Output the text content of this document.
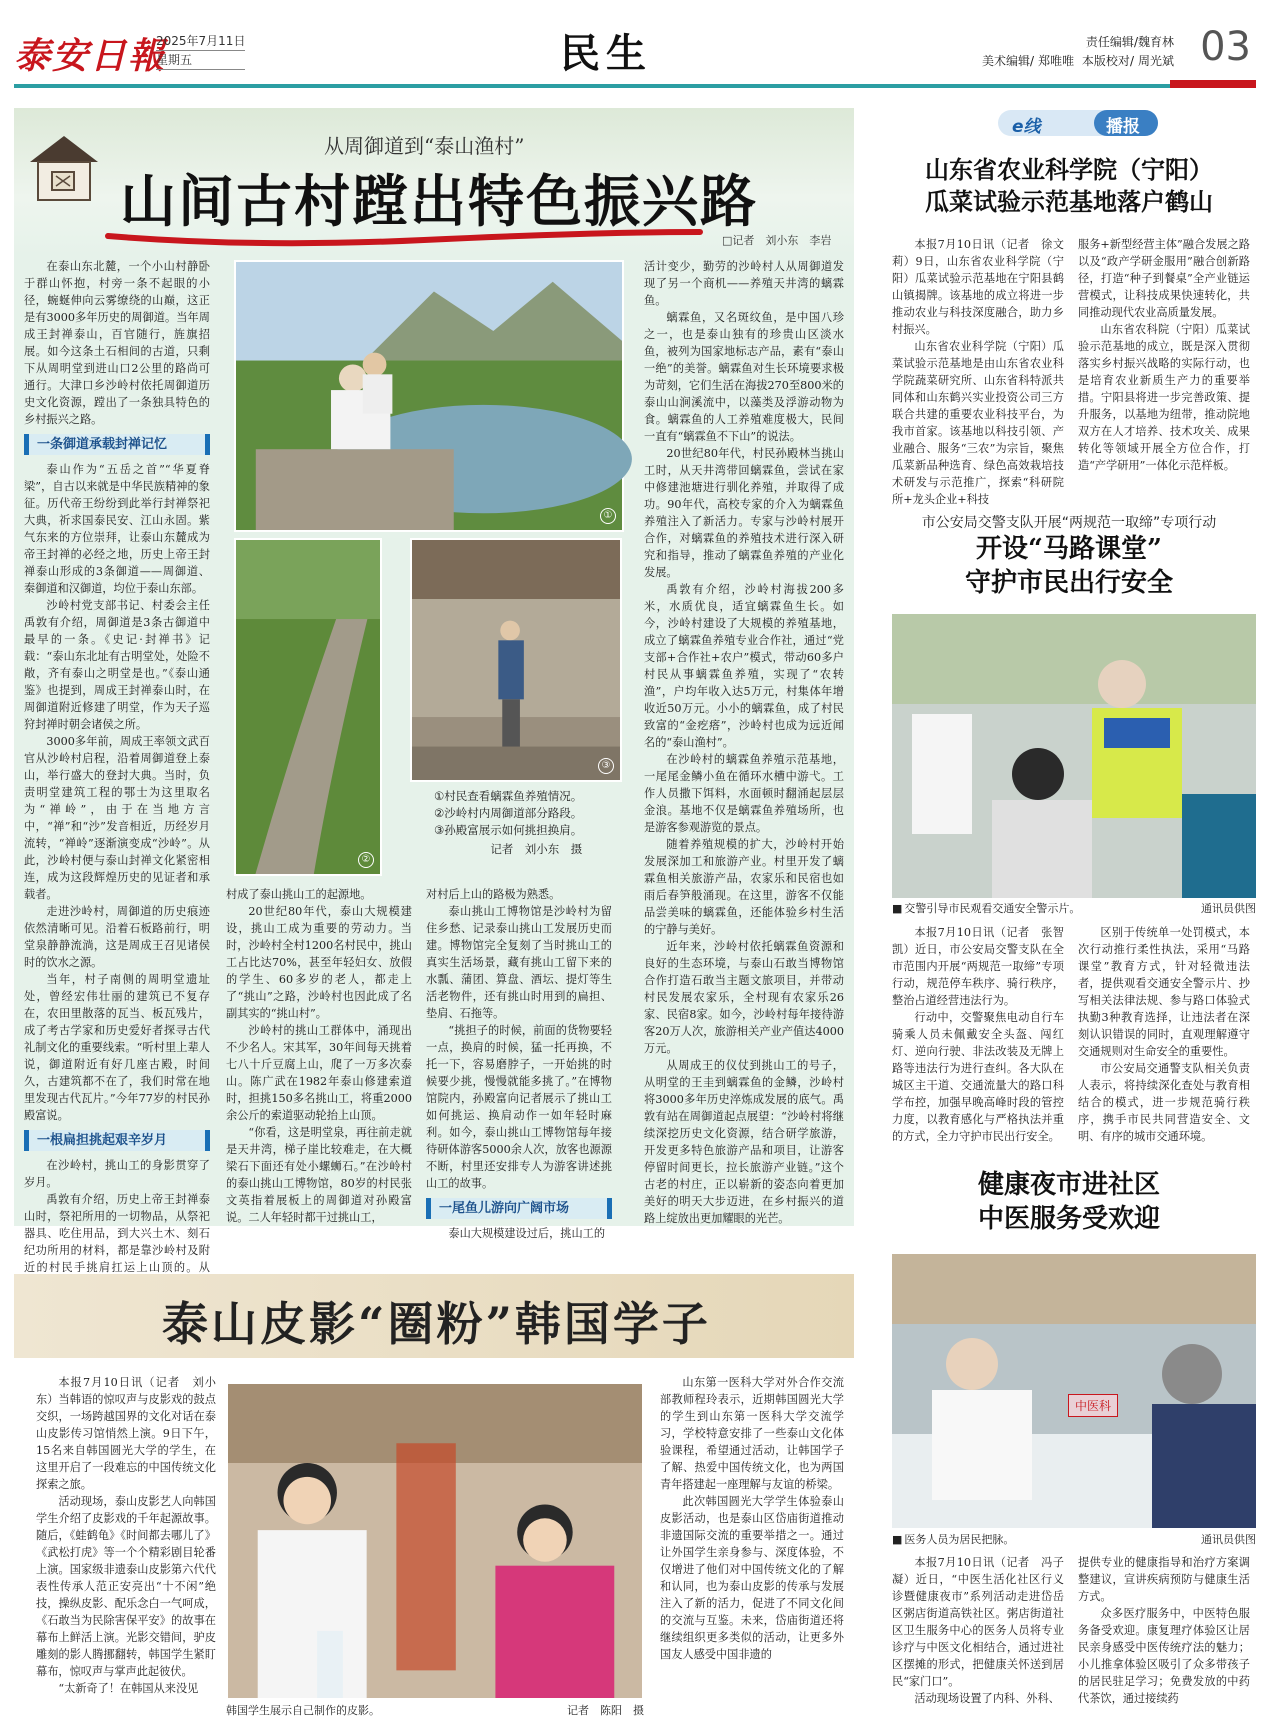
泰安日報
2025年7月11日
星期五	民生	责任编辑/魏育林
美术编辑/ 郑唯唯 本版校对/ 周光斌 03
从周御道到“泰山渔村”
山间古村蹚出特色振兴路
□记者　刘小东　李岩

在泰山东北麓，一个小山村静卧于群山怀抱，村旁一条不起眼的小径，蜿蜒伸向云雾缭绕的山巅，这正是有3000多年历史的周御道。当年周成王封禅泰山，百官随行，旌旗招展。如今这条土石相间的古道，只剩下从周明堂到进山口2公里的路尚可通行。大津口乡沙岭村依托周御道历史文化资源，蹚出了一条独具特色的乡村振兴之路。

一条御道承载封禅记忆

泰山作为“五岳之首”“华夏脊梁”，自古以来就是中华民族精神的象征。历代帝王纷纷到此举行封禅祭祀大典，祈求国泰民安、江山永固。紫气东来的方位崇拜，让泰山东麓成为帝王封禅的必经之地，历史上帝王封禅泰山形成的3条御道——周御道、秦御道和汉御道，均位于泰山东部。

沙岭村党支部书记、村委会主任禹敦有介绍，周御道是3条古御道中最早的一条。《史记·封禅书》记载：“泰山东北址有古明堂处，处险不敞，齐有泰山之明堂是也。”《泰山通鉴》也提到，周成王封禅泰山时，在周御道附近修建了明堂，作为天子巡狩封禅时朝会诸侯之所。

3000多年前，周成王率领文武百官从沙岭村启程，沿着周御道登上泰山，举行盛大的登封大典。当时，负责明堂建筑工程的鄂士为这里取名为“禅岭”，由于在当地方言中，“禅”和“沙”发音相近，历经岁月流转，“禅岭”逐渐演变成“沙岭”。从此，沙岭村便与泰山封禅文化紧密相连，成为这段辉煌历史的见证者和承载者。

走进沙岭村，周御道的历史痕迹依然清晰可见。沿着石板路前行，明堂泉静静流淌，这是周成王召见诸侯时的饮水之源。

当年，村子南侧的周明堂遗址处，曾经宏伟壮丽的建筑已不复存在，农田里散落的瓦当、板瓦残片，成了考古学家和历史爱好者探寻古代礼制文化的重要线索。“听村里上辈人说，御道附近有好几座古殿，时间久，古建筑都不在了，我们时常在地里发现古代瓦片。”今年77岁的村民孙殿富说。

一根扁担挑起艰辛岁月

在沙岭村，挑山工的身影贯穿了岁月。

禹敦有介绍，历史上帝王封禅泰山时，祭祀所用的一切物品，从祭祀器具、吃住用品，到大兴土木、刻石纪功所用的材料，都是靠沙岭村及附近的村民手挑肩扛运上山顶的。从

①
②
③
①村民查看螭霖鱼养殖情况。
②沙岭村内周御道部分路段。
③孙殿富展示如何挑担换肩。
记者　刘小东　摄

村成了泰山挑山工的起源地。

20世纪80年代，泰山大规模建设，挑山工成为重要的劳动力。当时，沙岭村全村1200名村民中，挑山工占比达70%，甚至年轻妇女、放假的学生、60多岁的老人，都走上了“挑山”之路，沙岭村也因此成了名副其实的“挑山村”。

沙岭村的挑山工群体中，涌现出不少名人。宋其军，30年间每天挑着七八十斤豆腐上山，爬了一万多次泰山。陈广武在1982年泰山修建索道时，担挑150多名挑山工，将重2000余公斤的索道驱动轮抬上山顶。

“你看，这是明堂泉，再往前走就是天井湾，梯子崖比较难走，在大概梁石下面还有处小螺蛳石。”在沙岭村的泰山挑山工博物馆，80岁的村民张文英指着展板上的周御道对孙殿富说。二人年轻时都干过挑山工，

对村后上山的路极为熟悉。

泰山挑山工博物馆是沙岭村为留住乡愁、记录泰山挑山工发展历史而建。博物馆完全复刻了当时挑山工的真实生活场景，藏有挑山工留下来的水瓢、蒲团、算盘、酒坛、提灯等生活老物件，还有挑山时用到的扁担、垫肩、石拖等。

“挑担子的时候，前面的货物要轻一点，换肩的时候，猛一托再换，不托一下，容易磨脖子，一开始挑的时候要少挑，慢慢就能多挑了。”在博物馆院内，孙殿富向记者展示了挑山工如何挑运、换肩动作一如年轻时麻利。如今，泰山挑山工博物馆每年接待研体游客5000余人次，放客也源源不断，村里还安排专人为游客讲述挑山工的故事。

一尾鱼儿游向广阔市场

泰山大规模建设过后，挑山工的

活计变少，勤劳的沙岭村人从周御道发现了另一个商机——养殖天井湾的螭霖鱼。

螭霖鱼，又名斑纹鱼，是中国八珍之一，也是泰山独有的珍贵山区淡水鱼，被列为国家地标志产品，素有“泰山一绝”的美誉。螭霖鱼对生长环境要求极为苛刻，它们生活在海拔270至800米的泰山山涧溪流中，以藻类及浮游动物为食。螭霖鱼的人工养殖难度极大，民间一直有“螭霖鱼不下山”的说法。

20世纪80年代，村民孙殿林当挑山工时，从天井湾带回螭霖鱼，尝试在家中修建池塘进行驯化养殖，并取得了成功。90年代，高校专家的介入为螭霖鱼养殖注入了新活力。专家与沙岭村展开合作，对螭霖鱼的养殖技术进行深入研究和指导，推动了螭霖鱼养殖的产业化发展。

禹敦有介绍，沙岭村海拔200多米，水质优良，适宜螭霖鱼生长。如今，沙岭村建设了大规模的养殖基地，成立了螭霖鱼养殖专业合作社，通过“党支部+合作社+农户”模式，带动60多户村民从事螭霖鱼养殖，实现了“农转渔”，户均年收入达5万元，村集体年增收近50万元。小小的螭霖鱼，成了村民致富的“金疙瘩”，沙岭村也成为远近闻名的“泰山渔村”。

在沙岭村的螭霖鱼养殖示范基地，一尾尾金鳞小鱼在循环水槽中游弋。工作人员撒下饵料，水面顿时翻涌起层层金浪。基地不仅是螭霖鱼养殖场所，也是游客参观游览的景点。

随着养殖规模的扩大，沙岭村开始发展深加工和旅游产业。村里开发了螭霖鱼相关旅游产品，农家乐和民宿也如雨后春笋般涌现。在这里，游客不仅能品尝美味的螭霖鱼，还能体验乡村生活的宁静与美好。

近年来，沙岭村依托螭霖鱼资源和良好的生态环境，与泰山石敢当博物馆合作打造石敢当主题文旅项目，并带动村民发展农家乐，全村现有农家乐26家、民宿8家。如今，沙岭村每年接待游客20万人次，旅游相关产业产值达4000万元。

从周成王的仪仗到挑山工的号子，从明堂的王圭到螭霖鱼的金鳞，沙岭村将3000多年历史淬炼成发展的底气。禹敦有站在周御道起点展望：“沙岭村将继续深挖历史文化资源，结合研学旅游，开发更多特色旅游产品和项目，让游客停留时间更长，拉长旅游产业链。”这个古老的村庄，正以崭新的姿态向着更加美好的明天大步迈进，在乡村振兴的道路上绽放出更加耀眼的光芒。

泰山皮影“圈粉”韩国学子

本报7月10日讯（记者　刘小东）当韩语的惊叹声与皮影戏的鼓点交织，一场跨越国界的文化对话在泰山皮影传习馆悄然上演。9日下午，15名来自韩国圆光大学的学生，在这里开启了一段难忘的中国传统文化探索之旅。

活动现场，泰山皮影艺人向韩国学生介绍了皮影戏的千年起源故事。随后，《蛙鹤龟》《时间都去哪儿了》《武松打虎》等一个个精彩剧目轮番上演。国家级非遗泰山皮影第六代代表性传承人范正安亮出“十不闲”绝技，操纵皮影、配乐念白一气呵成，《石敢当为民除害保平安》的故事在幕布上鲜活上演。光影交错间，驴皮雕刻的影人腾挪翻转，韩国学生紧盯幕布，惊叹声与掌声此起彼伏。

“太新奇了！在韩国从来没见

韩国学生展示自己制作的皮影。	记者　陈阳　摄

山东第一医科大学对外合作交流部教师程玲表示，近期韩国圆光大学的学生到山东第一医科大学交流学习，学校特意安排了一些泰山文化体验课程，希望通过活动，让韩国学子了解、热爱中国传统文化，也为两国青年搭建起一座理解与友谊的桥梁。

此次韩国圆光大学学生体验泰山皮影活动，也是泰山区岱庙街道推动非遗国际交流的重要举措之一。通过让外国学生亲身参与、深度体验，不仅增进了他们对中国传统文化的了解和认同，也为泰山皮影的传承与发展注入了新的活力，促进了不同文化间的交流与互鉴。未来，岱庙街道还将继续组织更多类似的活动，让更多外国友人感受中国非遗的

e线	播报
山东省农业科学院（宁阳）
瓜菜试验示范基地落户鹤山

本报7月10日讯（记者　徐文莉）9日，山东省农业科学院（宁阳）瓜菜试验示范基地在宁阳县鹤山镇揭牌。该基地的成立将进一步推动农业与科技深度融合，助力乡村振兴。

山东省农业科学院（宁阳）瓜菜试验示范基地是由山东省农业科学院蔬菜研究所、山东省科特派共同体和山东鹤兴实业投资公司三方联合共建的重要农业科技平台，为我市首家。该基地以科技引领、产业融合、服务“三农”为宗旨，聚焦瓜菜新品种选育、绿色高效栽培技术研发与示范推广，探索“科研院所+龙头企业+科技

服务+新型经营主体”融合发展之路以及“政产学研金服用”融合创新路径，打造“种子到餐桌”全产业链运营模式，让科技成果快速转化，共同推动现代农业高质量发展。

山东省农科院（宁阳）瓜菜试验示范基地的成立，既是深入贯彻落实乡村振兴战略的实际行动，也是培育农业新质生产力的重要举措。宁阳县将进一步完善政策、提升服务，以基地为纽带，推动院地双方在人才培养、技术攻关、成果转化等领域开展全方位合作，打造“产学研用”一体化示范样板。

市公安局交警支队开展“两规范一取缔”专项行动
开设“马路课堂”
守护市民出行安全
■ 交警引导市民观看交通安全警示片。	通讯员供图

本报7月10日讯（记者　张智凯）近日，市公安局交警支队在全市范围内开展“两规范一取缔”专项行动，规范停车秩序、骑行秩序，整治占道经营违法行为。

行动中，交警聚焦电动自行车骑乘人员未佩戴安全头盔、闯红灯、逆向行驶、非法改装及无牌上路等违法行为进行查纠。各大队在城区主干道、交通流量大的路口科学布控，加强早晚高峰时段的管控力度，以教育感化与严格执法并重的方式，全力守护市民出行安全。

区别于传统单一处罚模式，本次行动推行柔性执法，采用“马路课堂”教育方式，针对轻微违法者，提供观看交通安全警示片、抄写相关法律法规、参与路口体验式执勤3种教育选择，让违法者在深刻认识错误的同时，直观理解遵守交通规则对生命安全的重要性。

市公安局交通警支队相关负责人表示，将持续深化查处与教育相结合的模式，进一步规范骑行秩序，携手市民共同营造安全、文明、有序的城市交通环境。

健康夜市进社区
中医服务受欢迎
中医科
■ 医务人员为居民把脉。	通讯员供图

本报7月10日讯（记者　冯子凝）近日，“中医生活化社区行义诊暨健康夜市”系列活动走进岱岳区粥店街道高铁社区。粥店街道社区卫生服务中心的医务人员将专业诊疗与中医文化相结合，通过进社区摆摊的形式，把健康关怀送到居民“家门口”。

活动现场设置了内科、外科、

提供专业的健康指导和治疗方案调整建议，宣讲疾病预防与健康生活方式。

众多医疗服务中，中医特色服务备受欢迎。康复理疗体验区让居民亲身感受中医传统疗法的魅力；小儿推拿体验区吸引了众多带孩子的居民驻足学习；免费发放的中药代茶饮，通过接续药
